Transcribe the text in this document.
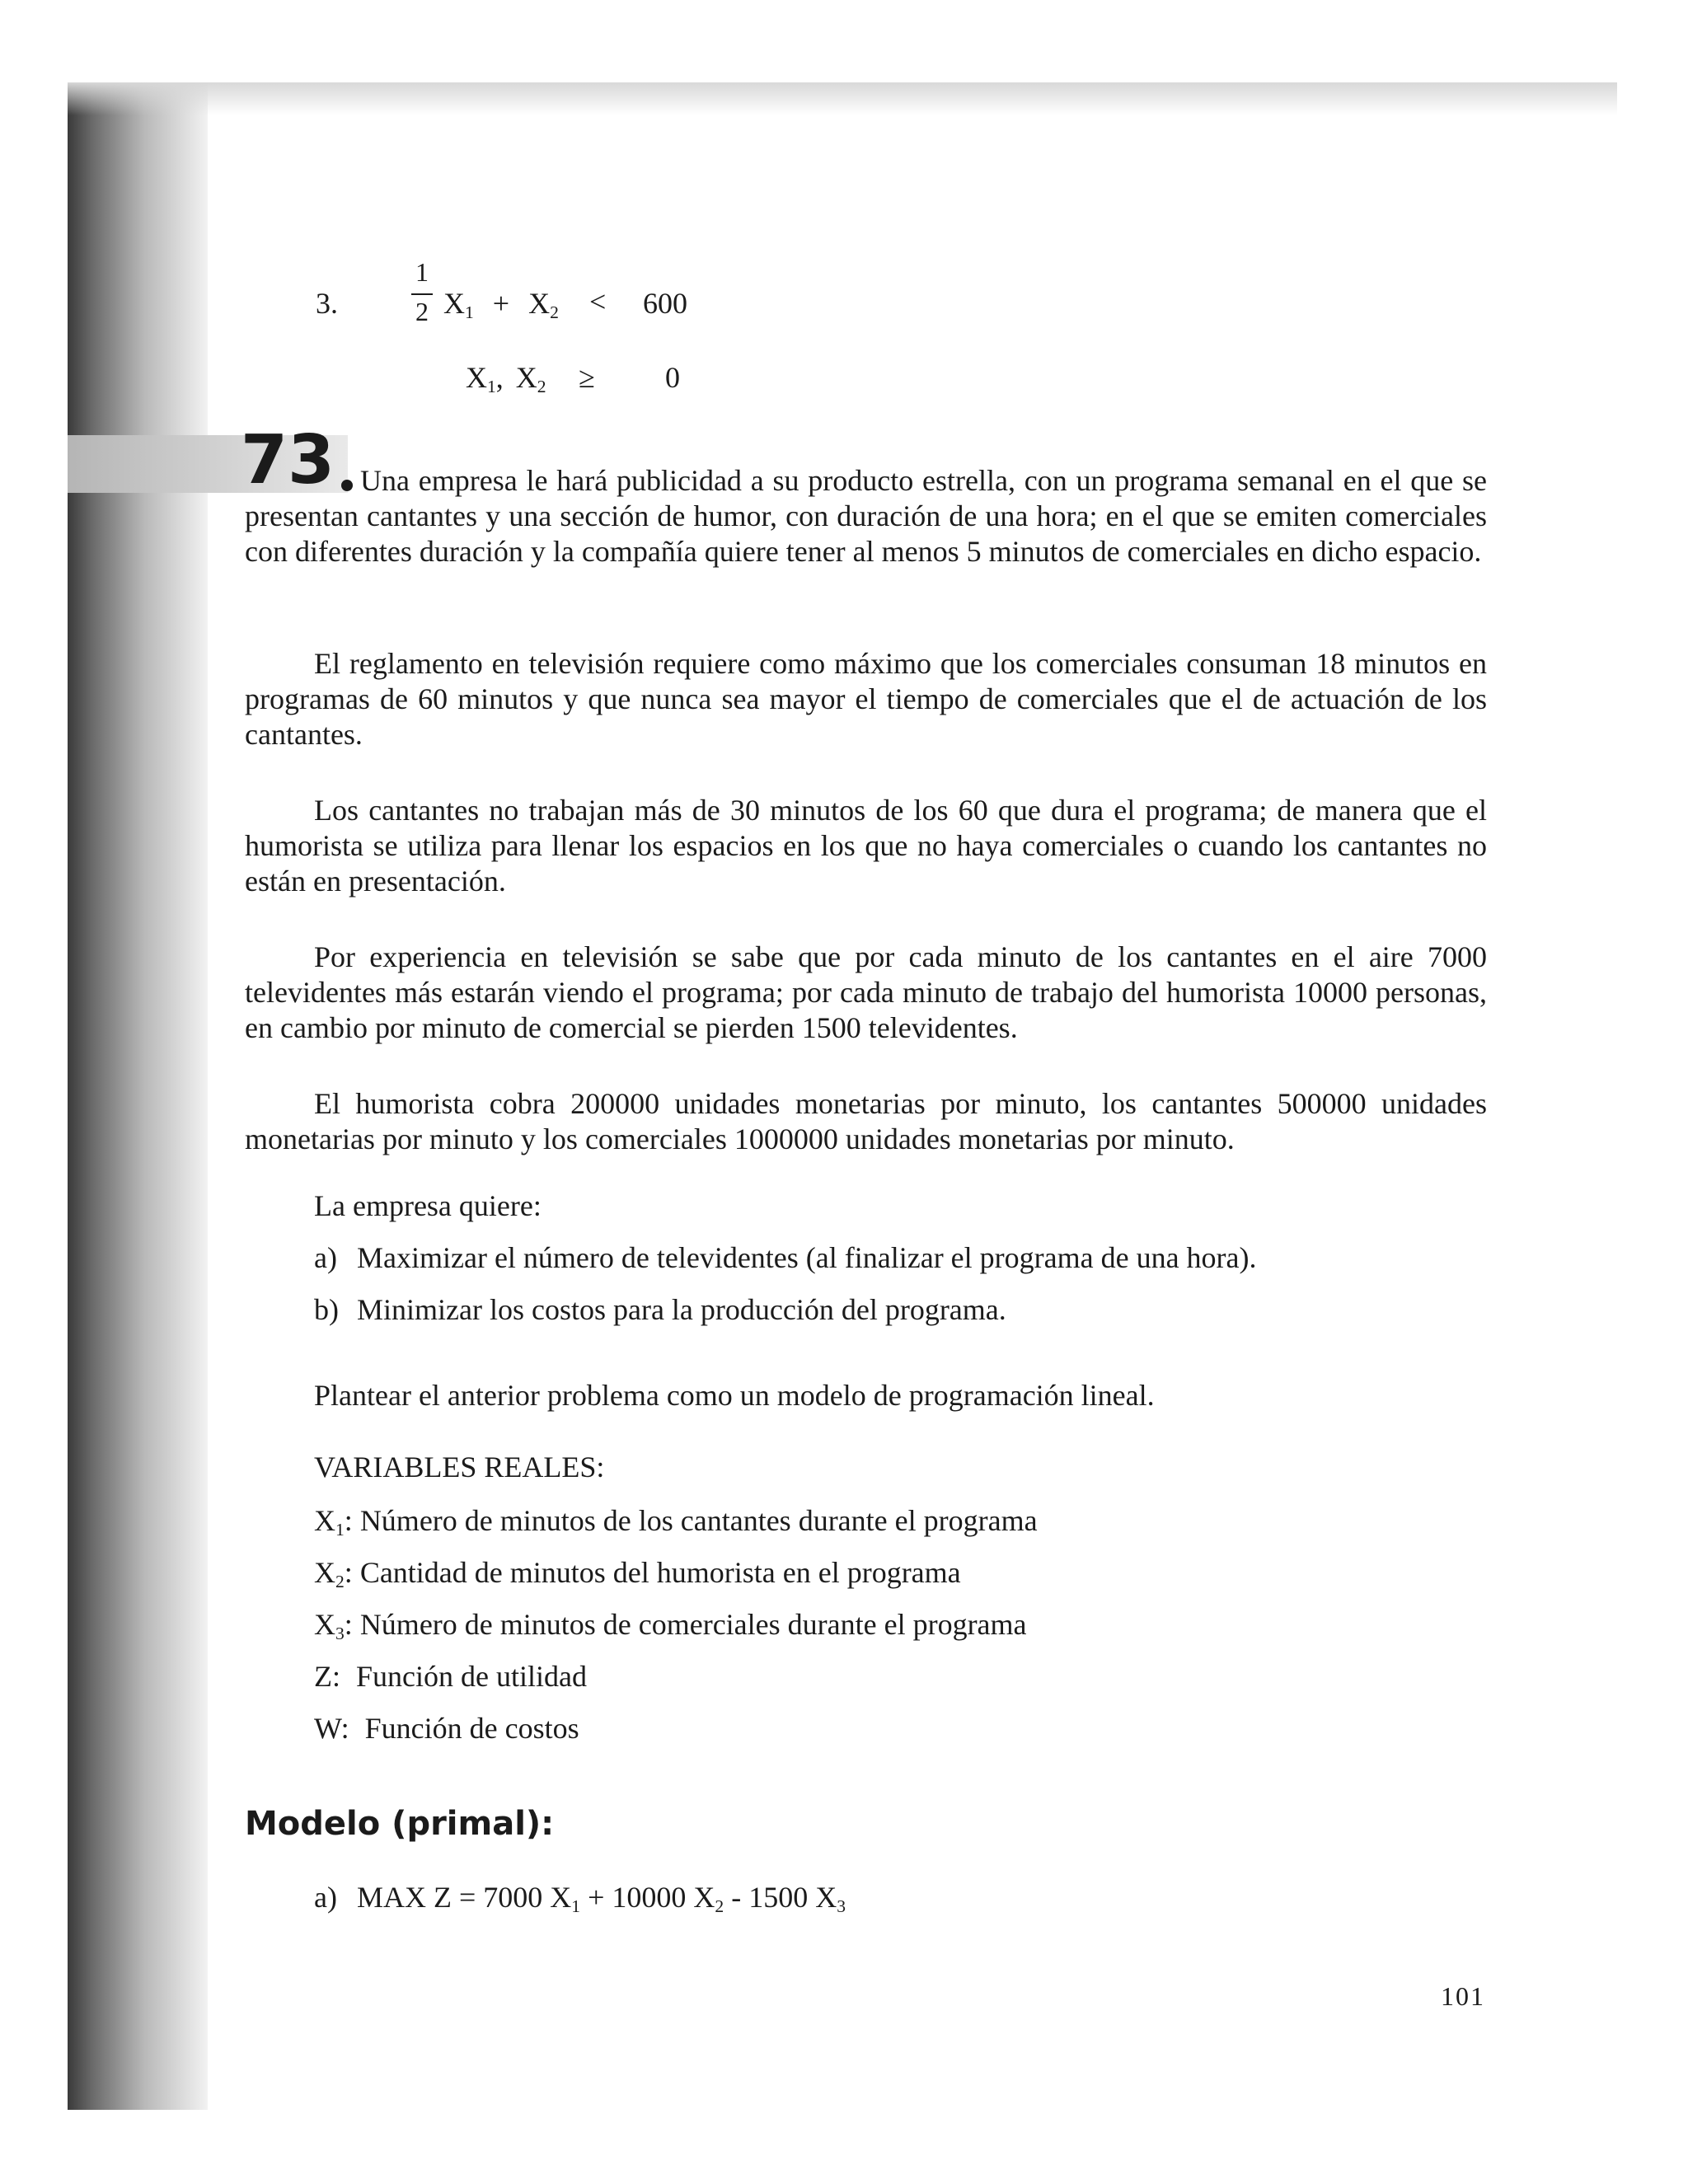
3.
1
2 $X_1 + X_2 < 600$
$X_1$, $X_2 \ge 0$
73 Una empresa le hará publicidad a su producto estrella, con un programa semanal en el que se presentan cantantes y una sección de humor, con duración de una hora; en el que se emiten comerciales con diferentes duración y la compañía quiere tener al menos 5 minutos de comerciales en dicho espacio.
El reglamento en televisión requiere como máximo que los comerciales consuman 18 minutos en programas de 60 minutos y que nunca sea mayor el tiempo de comerciales que el de actuación de los cantantes.
Los cantantes no trabajan más de 30 minutos de los 60 que dura el programa; de manera que el humorista se utiliza para llenar los espacios en los que no haya comerciales o cuando los cantantes no están en presentación.
Por experiencia en televisión se sabe que por cada minuto de los cantantes en el aire 7000 televidentes más estarán viendo el programa; por cada minuto de trabajo del humorista 10000 personas, en cambio por minuto de comercial se pierden 1500 televidentes.
El humorista cobra 200000 unidades monetarias por minuto, los cantantes 500000 unidades monetarias por minuto y los comerciales 1000000 unidades monetarias por minuto.
La empresa quiere:
a) Maximizar el número de televidentes (al finalizar el programa de una hora).
b) Minimizar los costos para la producción del programa.
Plantear el anterior problema como un modelo de programación lineal.
VARIABLES REALES:
$X_1$: Número de minutos de los cantantes durante el programa
$X_2$: Cantidad de minutos del humorista en el programa
$X_3$: Número de minutos de comerciales durante el programa
Z: Función de utilidad
W: Función de costos
Modelo (primal):
a) MAX Z = 7000 $X_1 + 10000$ $X_2 - 1500$ $X_3$
101
